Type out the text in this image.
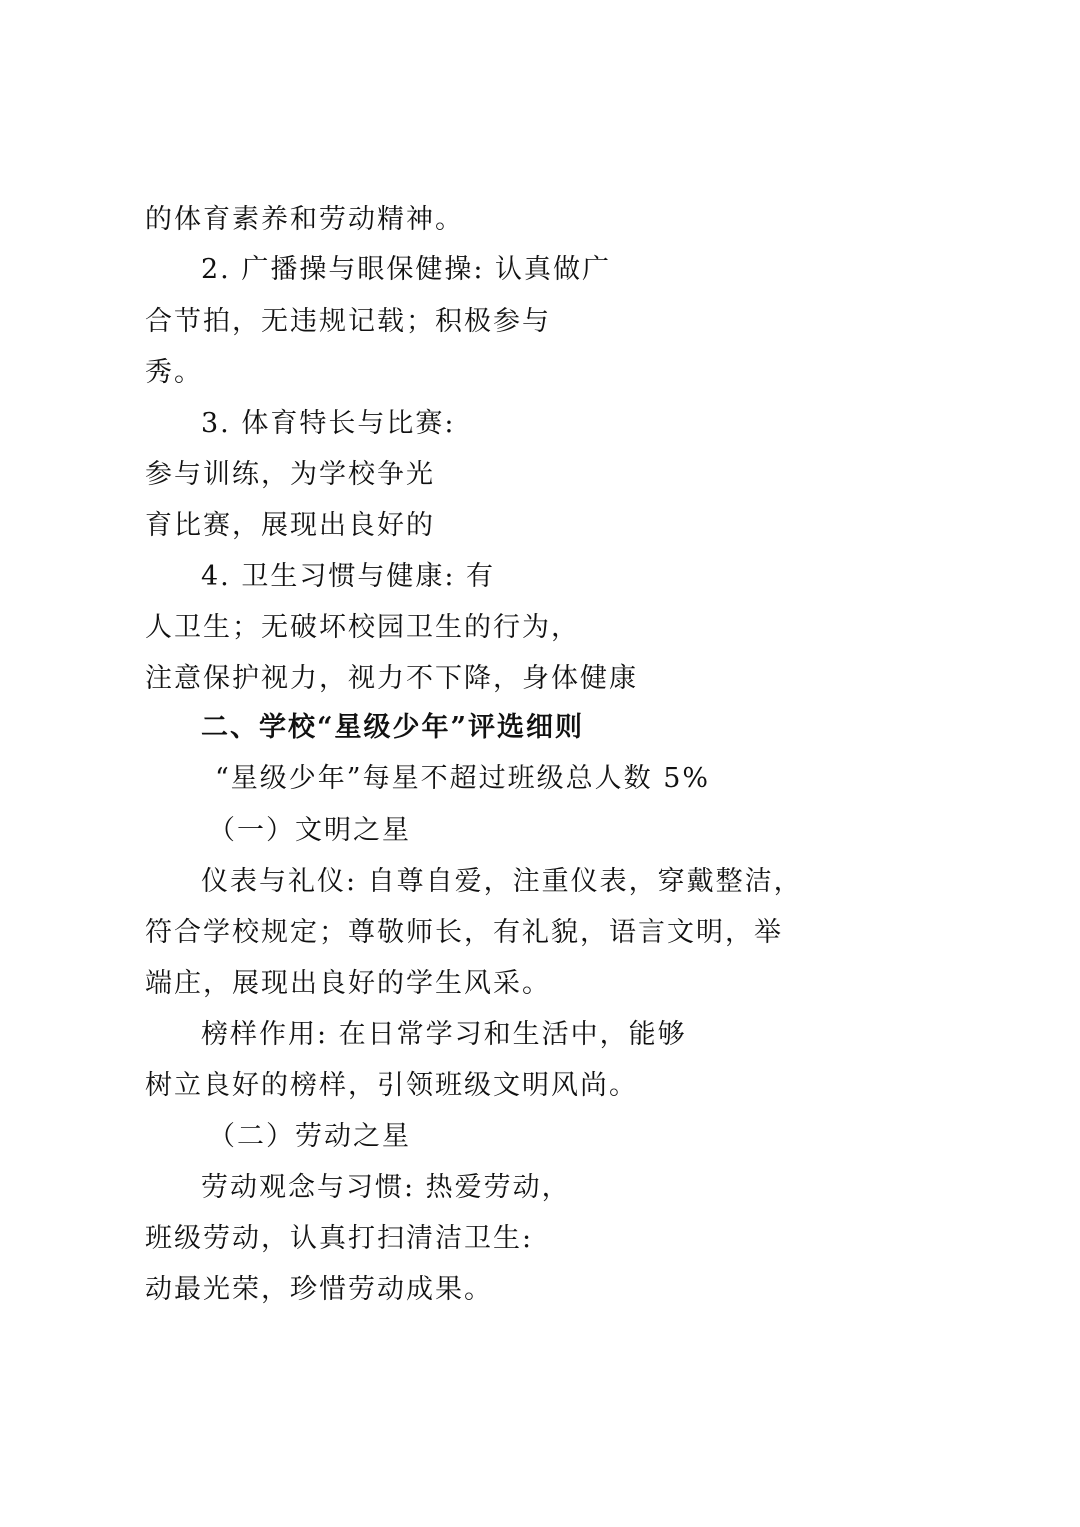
的体育素养和劳动精神。
2. 广播操与眼保健操: 认真做广
合节拍，无违规记载；积极参与
秀。
3. 体育特长与比赛:
参与训练，为学校争光
育比赛，展现出良好的
4. 卫生习惯与健康: 有
人卫生；无破坏校园卫生的行为，
注意保护视力，视力不下降，身体健康
二、学校“星级少年”评选细则
“星级少年”每星不超过班级总人数 5%
（一）文明之星
仪表与礼仪: 自尊自爱，注重仪表，穿戴整洁，
符合学校规定；尊敬师长，有礼貌，语言文明，举
端庄，展现出良好的学生风采。
榜样作用: 在日常学习和生活中，能够
树立良好的榜样，引领班级文明风尚。
（二）劳动之星
劳动观念与习惯: 热爱劳动，
班级劳动，认真打扫清洁卫生:
动最光荣，珍惜劳动成果。
